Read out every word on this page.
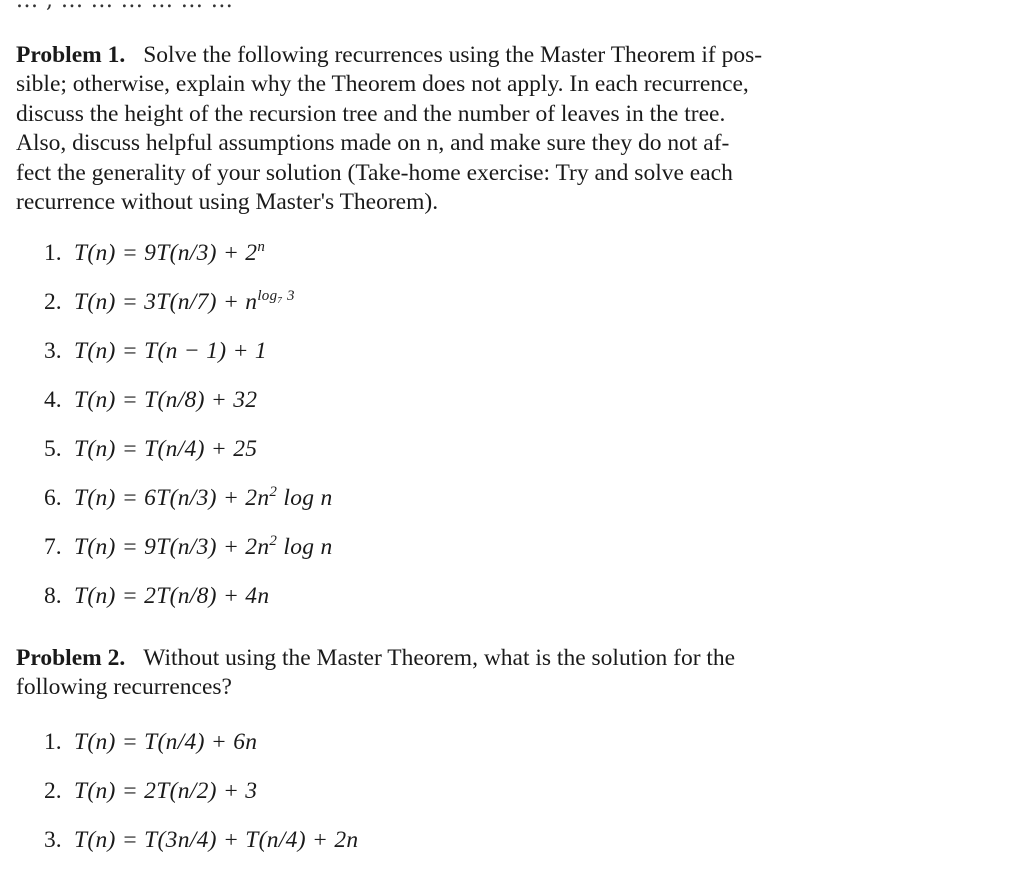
... , ... ... ... ... ... ...

Problem 1. Solve the following recurrences using the Master Theorem if pos-
sible; otherwise, explain why the Theorem does not apply. In each recurrence,
discuss the height of the recursion tree and the number of leaves in the tree.
Also, discuss helpful assumptions made on n, and make sure they do not af-
fect the generality of your solution (Take-home exercise: Try and solve each
recurrence without using Master's Theorem).

1. $T(n) = 9T(n/3) + 2^n$
2. $T(n) = 3T(n/7) + n^{log_7 3}$
3. T(n) = T(n − 1) + 1
4. T(n) = T(n/8) + 32
5. T(n) = T(n/4) + 25
6. $T(n) = 6T(n/3) + 2n^2$ log n
7. $T(n) = 9T(n/3) + 2n^2$ log n
8. T(n) = 2T(n/8) + 4n

Problem 2. Without using the Master Theorem, what is the solution for the
following recurrences?

1. T(n) = T(n/4) + 6n
2. T(n) = 2T(n/2) + 3
3. T(n) = T(3n/4) + T(n/4) + 2n
